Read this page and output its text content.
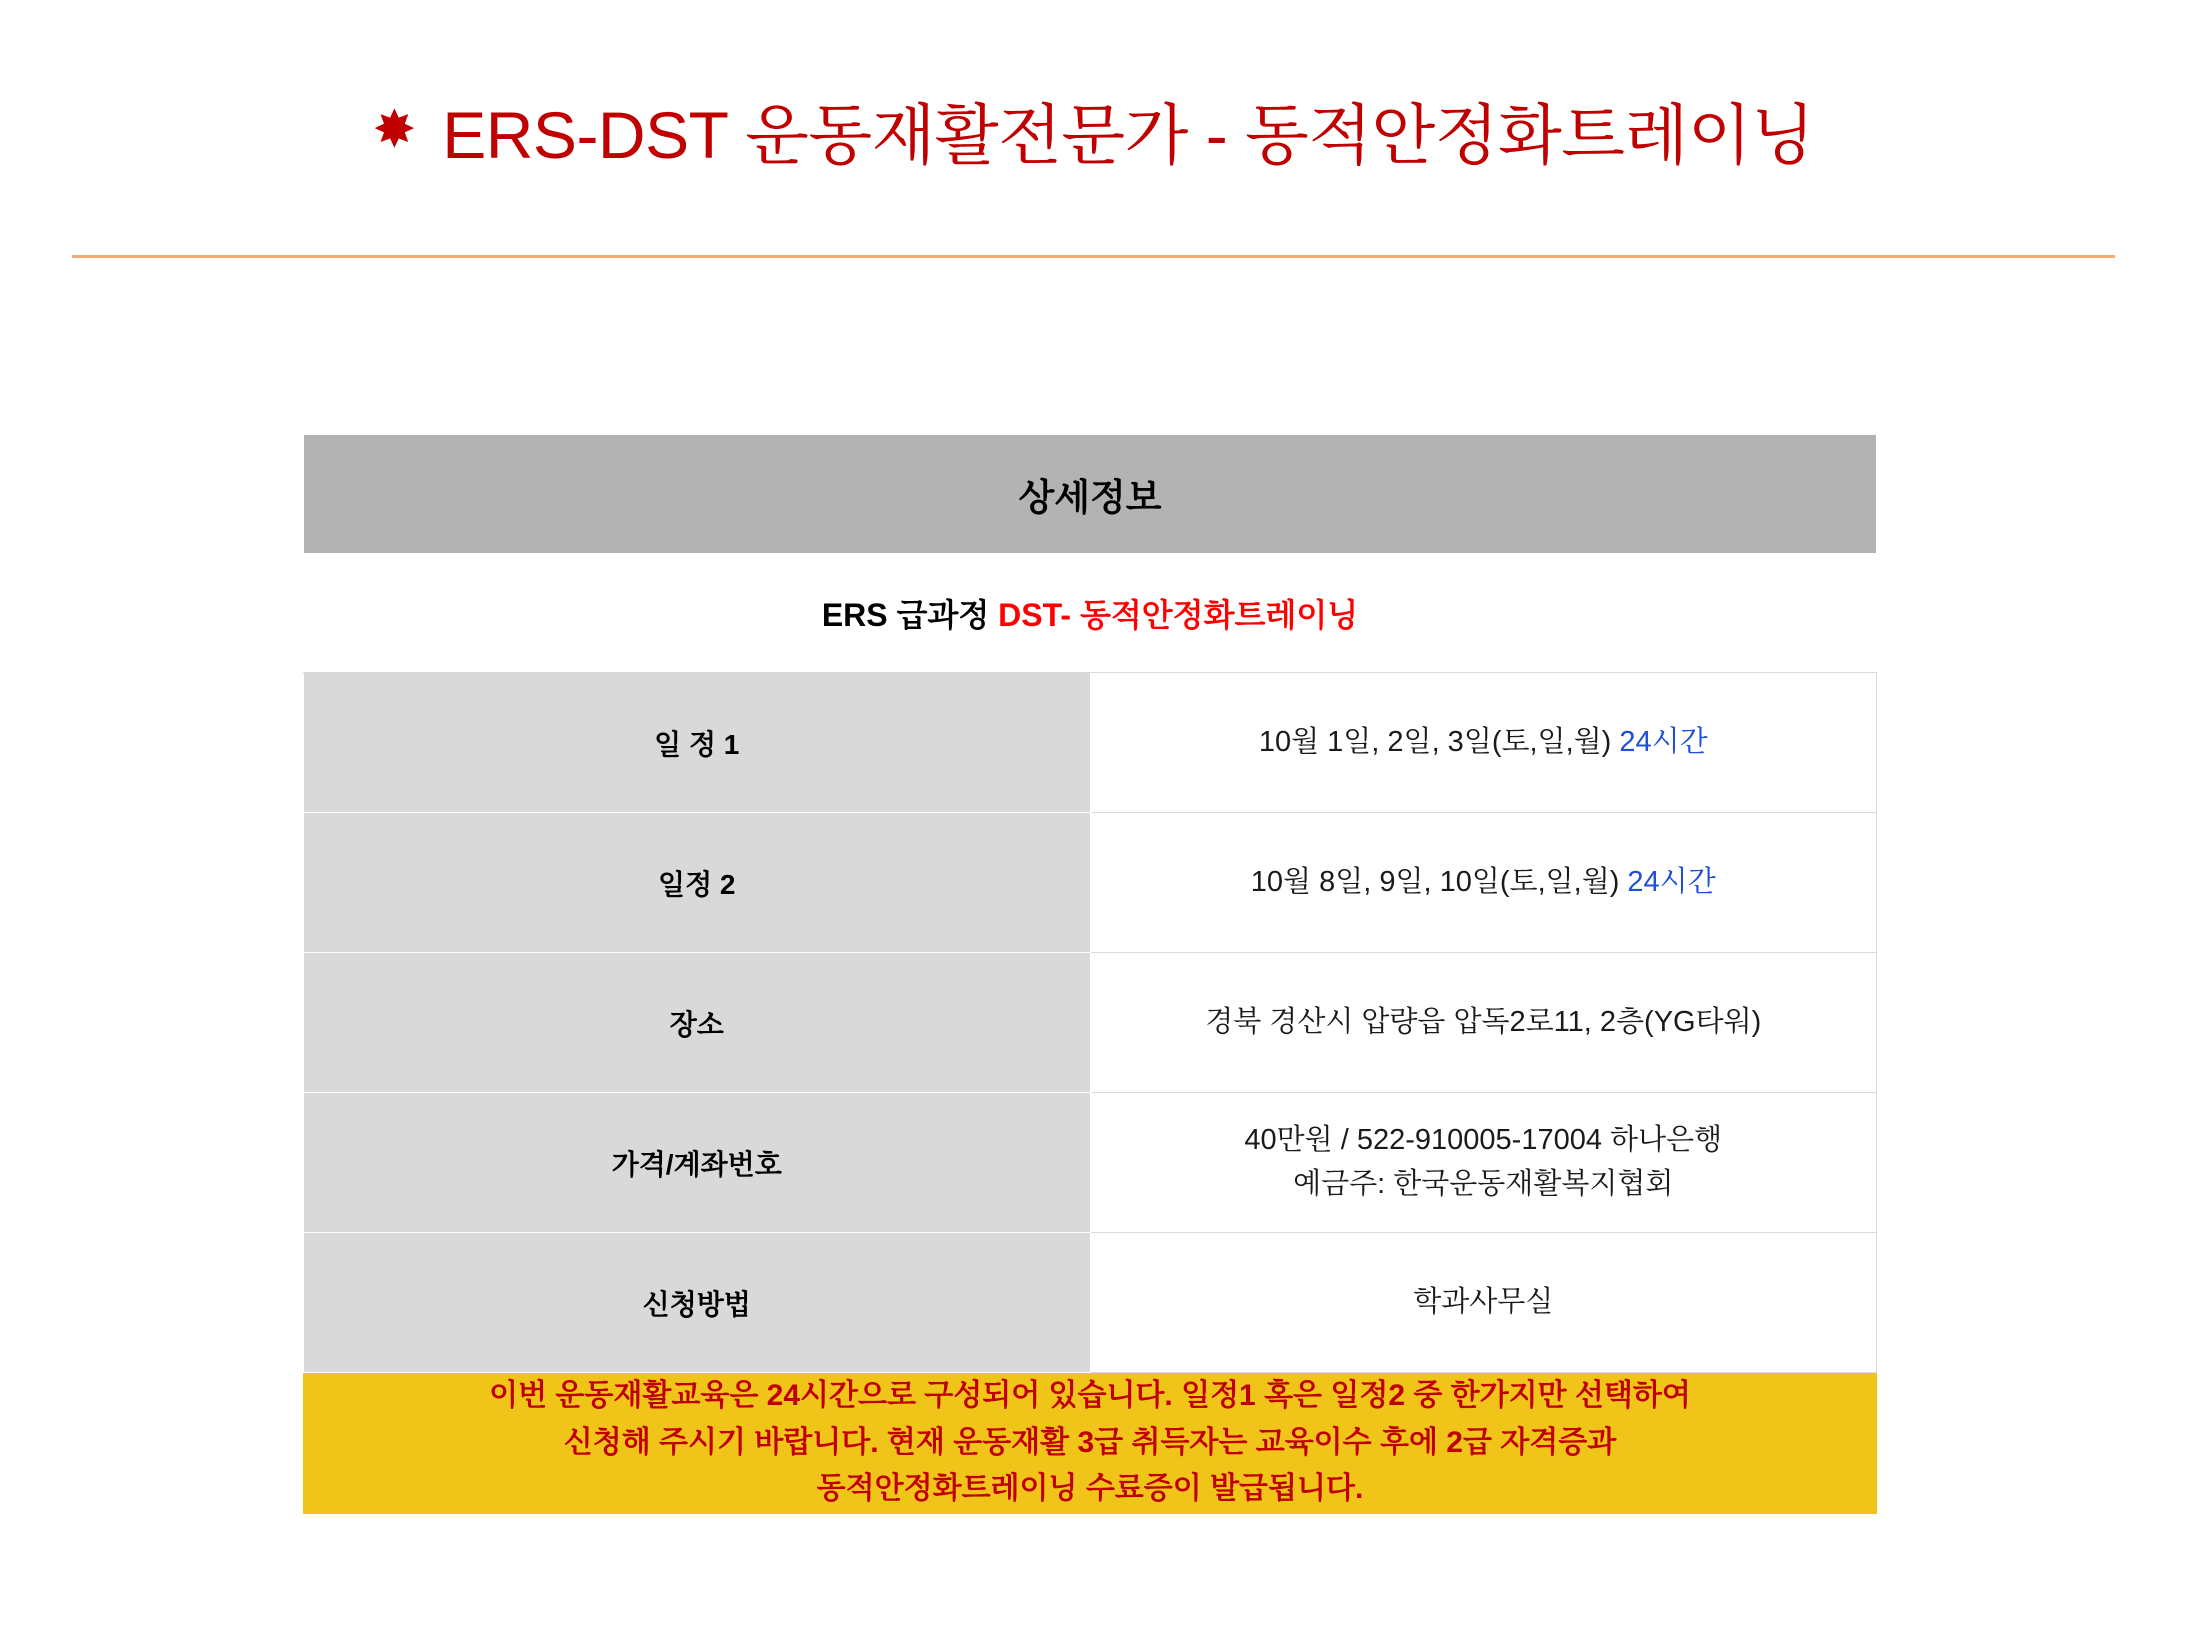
✸ ERS-DST 운동재활전문가 - 동적안정화트레이닝
상세정보	
ERS 급과정 DST- 동적안정화트레이닝	
일 정 1	10월 1일, 2일, 3일(토,일,월) 24시간
일정 2	10월 8일, 9일, 10일(토,일,월) 24시간
장소	경북 경산시 압량읍 압독2로11, 2층(YG타워)
가격/계좌번호	40만원 / 522-910005-17004 하나은행
예금주: 한국운동재활복지협회

신청방법	학과사무실

이번 운동재활교육은 24시간으로 구성되어 있습니다. 일정1 혹은 일정2 중 한가지만 선택하여
신청해 주시기 바랍니다. 현재 운동재활 3급 취득자는 교육이수 후에 2급 자격증과
동적안정화트레이닝 수료증이 발급됩니다.	
